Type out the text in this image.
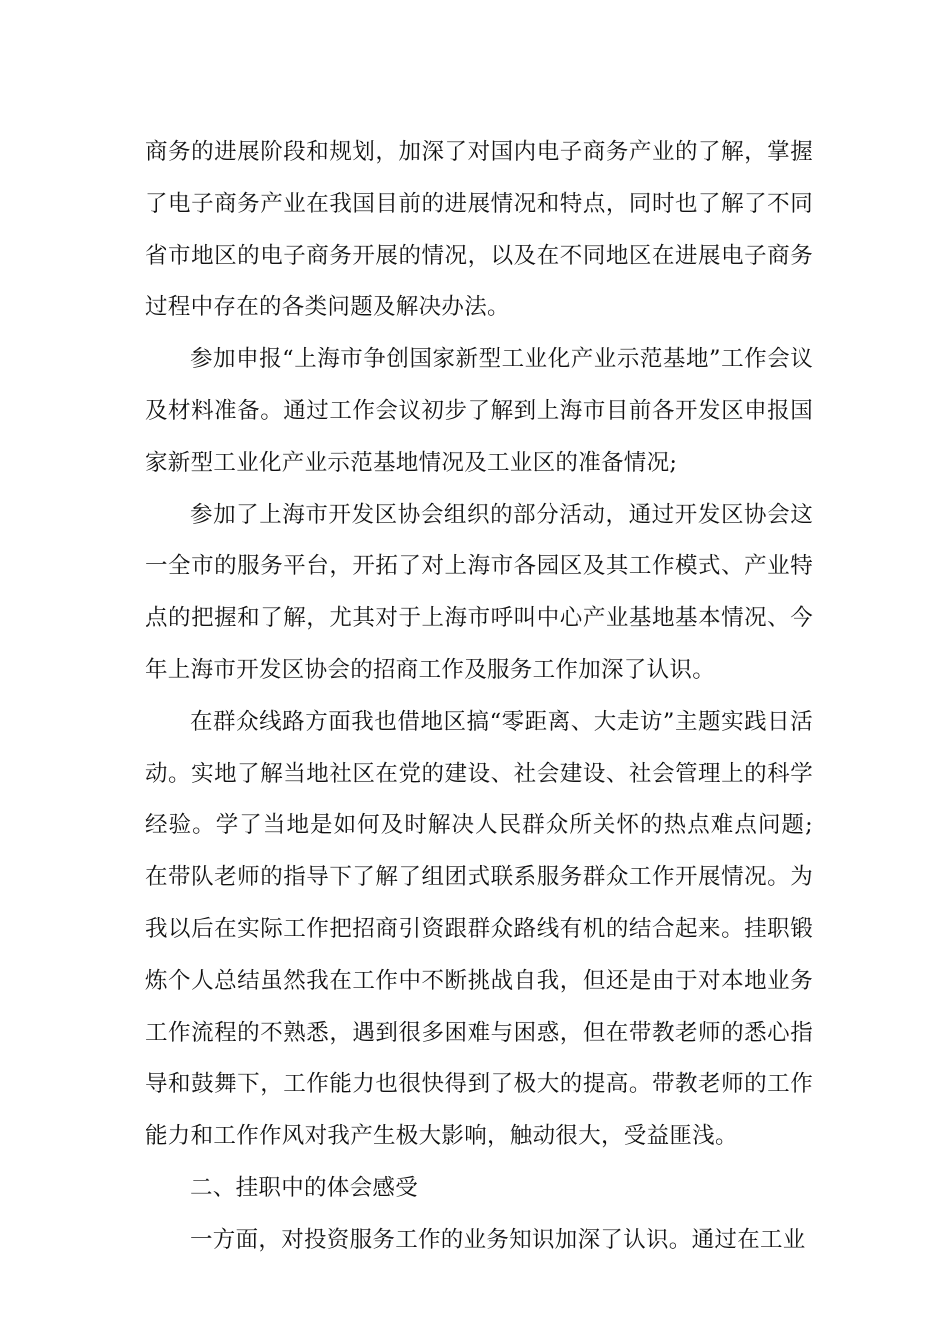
商务的进展阶段和规划，加深了对国内电子商务产业的了解，掌握了电子商务产业在我国目前的进展情况和特点，同时也了解了不同省市地区的电子商务开展的情况，以及在不同地区在进展电子商务过程中存在的各类问题及解决办法。

参加申报“上海市争创国家新型工业化产业示范基地”工作会议及材料准备。通过工作会议初步了解到上海市目前各开发区申报国家新型工业化产业示范基地情况及工业区的准备情况;

参加了上海市开发区协会组织的部分活动，通过开发区协会这一全市的服务平台，开拓了对上海市各园区及其工作模式、产业特点的把握和了解，尤其对于上海市呼叫中心产业基地基本情况、今年上海市开发区协会的招商工作及服务工作加深了认识。

在群众线路方面我也借地区搞“零距离、大走访”主题实践日活动。实地了解当地社区在党的建设、社会建设、社会管理上的科学经验。学了当地是如何及时解决人民群众所关怀的热点难点问题;在带队老师的指导下了解了组团式联系服务群众工作开展情况。为我以后在实际工作把招商引资跟群众路线有机的结合起来。挂职锻炼个人总结虽然我在工作中不断挑战自我，但还是由于对本地业务工作流程的不熟悉，遇到很多困难与困惑，但在带教老师的悉心指导和鼓舞下，工作能力也很快得到了极大的提高。带教老师的工作能力和工作作风对我产生极大影响，触动很大，受益匪浅。

二、挂职中的体会感受

一方面，对投资服务工作的业务知识加深了认识。通过在工业
